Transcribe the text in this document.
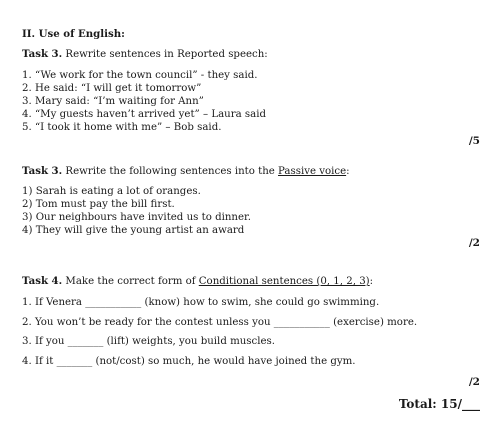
II. Use of English:
Task 3. Rewrite sentences in Reported speech:
1. “We work for the town council” - they said.
2. He said: “I will get it tomorrow”
3. Mary said: “I’m waiting for Ann”
4. “My guests haven’t arrived yet” – Laura said
5. “I took it home with me” – Bob said.
/5
Task 3. Rewrite the following sentences into the Passive voice:
1) Sarah is eating a lot of oranges.
2) Tom must pay the bill first.
3) Our neighbours have invited us to dinner.
4) They will give the young artist an award
/2
Task 4. Make the correct form of Conditional sentences (0, 1, 2, 3):
1. If Venera ___________ (know) how to swim, she could go swimming.
2. You won’t be ready for the contest unless you ___________ (exercise) more.
3. If you _______ (lift) weights, you build muscles.
4. If it _______ (not/cost) so much, he would have joined the gym.
/2
Total: 15/___
